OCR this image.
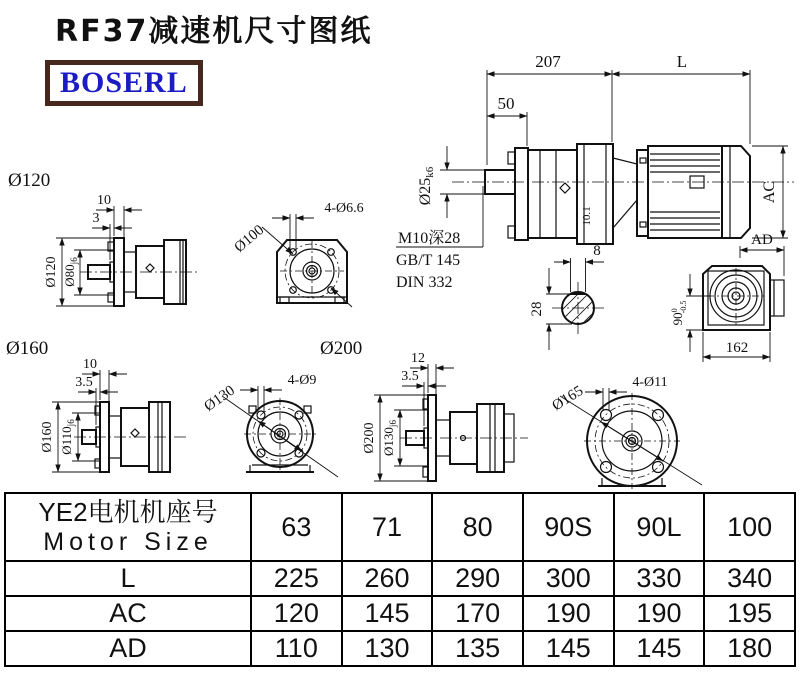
RF37减速机尺寸图纸
BOSERL
207	L
50
Ø25k6
AC
10.1
M10深28
GB/T 145
DIN 332
8
28
AD
$90^0-0.5$
162
Ø120
10
3
Ø120 $Ø80_{j6}$
4-Ø6.6
Ø100
Ø160
10
3.5
Ø160 $Ø110_{j6}$
Ø200
4-Ø9
Ø130
12
3.5
Ø200 $Ø130_{j6}$
4-Ø11
Ø165
YE2电机机座号
Motor Size	63	71	80	90S	90L	100
L	225	260	290	300	330	340
AC	120	145	170	190	190	195
AD	110	130	135	145	145	180
